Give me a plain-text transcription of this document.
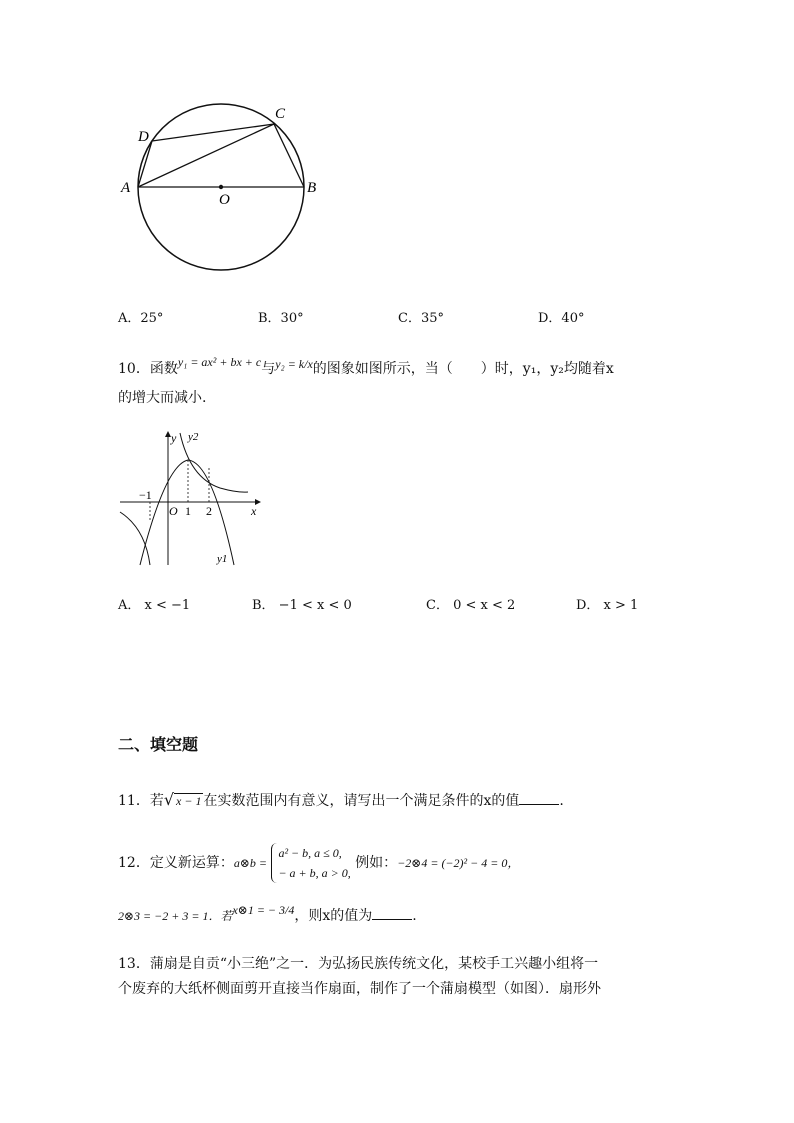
A	B
C
D
O
A．25°	B．30°	C．35°	D．40°
10．函数y₁ = ax² + bx + c与y₂ = k/x的图象如图所示，当（　　）时，y₁，y₂均随着x
的增大而减小.
y y2
−1
O 1 2	x
y1
A． x < −1	B． −1 < x < 0	C． 0 < x < 2	D． x > 1
二、填空题
11．若√ x − 1 在实数范围内有意义，请写出一个满足条件的x的值	.
12．定义新运算：a⊗b = a² − b, a ≤ 0,
− a + b, a > 0, 例如：−2⊗4 = (−2)² − 4 = 0，
2⊗3 = −2 + 3 = 1．若x⊗1 = − 3/4，则x的值为	.
13．蒲扇是自贡“小三绝”之一．为弘扬民族传统文化，某校手工兴趣小组将一
个废弃的大纸杯侧面剪开直接当作扇面，制作了一个蒲扇模型（如图）．扇形外
